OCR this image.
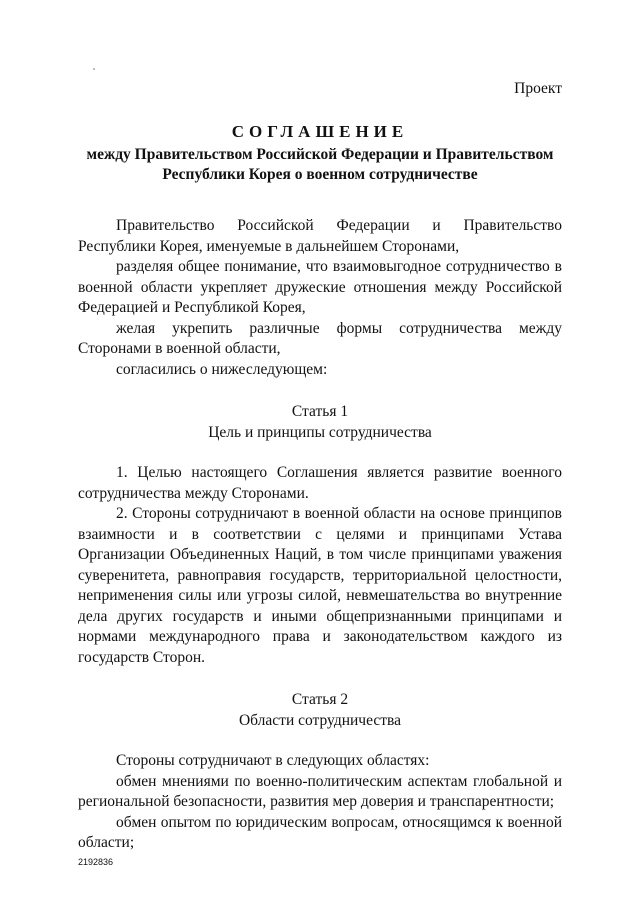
Проект
СОГЛАШЕНИЕ
между Правительством Российской Федерации и Правительством Республики Корея о военном сотрудничестве

Правительство Российской Федерации и Правительство Республики Корея, именуемые в дальнейшем Сторонами,

разделяя общее понимание, что взаимовыгодное сотрудничество в военной области укрепляет дружеские отношения между Российской Федерацией и Республикой Корея,

желая укрепить различные формы сотрудничества между Сторонами в военной области,

согласились о нижеследующем:

Статья 1

Цель и принципы сотрудничества

1. Целью настоящего Соглашения является развитие военного сотрудничества между Сторонами.

2. Стороны сотрудничают в военной области на основе принципов взаимности и в соответствии с целями и принципами Устава Организации Объединенных Наций, в том числе принципами уважения суверенитета, равноправия государств, территориальной целостности, неприменения силы или угрозы силой, невмешательства во внутренние дела других государств и иными общепризнанными принципами и нормами международного права и законодательством каждого из государств Сторон.

Статья 2

Области сотрудничества

Стороны сотрудничают в следующих областях:

обмен мнениями по военно-политическим аспектам глобальной и региональной безопасности, развития мер доверия и транспарентности;

обмен опытом по юридическим вопросам, относящимся к военной области;

2192836
